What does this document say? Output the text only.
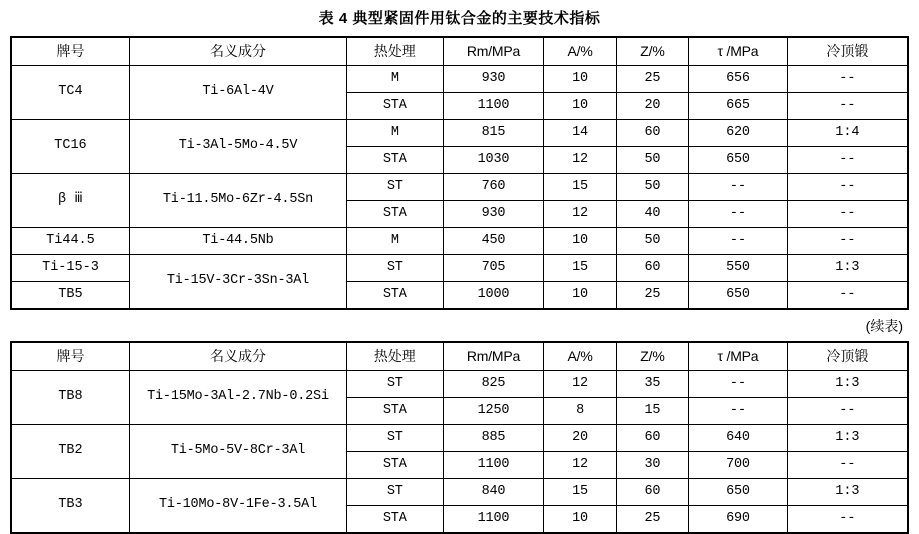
表 4 典型紧固件用钛合金的主要技术指标
牌号	名义成分	热处理	Rm/MPa	A/%	Z/%	τ /MPa	冷顶锻
TC4	Ti-6Al-4V	M	930	10	25	656	--
		STA	1100	10	20	665	--
TC16	Ti-3Al-5Mo-4.5V	M	815	14	60	620	1:4
		STA	1030	12	50	650	--
β ⅲ	Ti-11.5Mo-6Zr-4.5Sn	ST	760	15	50	--	--
		STA	930	12	40	--	--
Ti44.5	Ti-44.5Nb	M	450	10	50	--	--
Ti-15-3	Ti-15V-3Cr-3Sn-3Al	ST	705	15	60	550	1:3
TB5		STA	1000	10	25	650	--
(续表)
牌号	名义成分	热处理	Rm/MPa	A/%	Z/%	τ /MPa	冷顶锻
TB8	Ti-15Mo-3Al-2.7Nb-0.2Si	ST	825	12	35	--	1:3
		STA	1250	8	15	--	--
TB2	Ti-5Mo-5V-8Cr-3Al	ST	885	20	60	640	1:3
		STA	1100	12	30	700	--
TB3	Ti-10Mo-8V-1Fe-3.5Al	ST	840	15	60	650	1:3
		STA	1100	10	25	690	--
